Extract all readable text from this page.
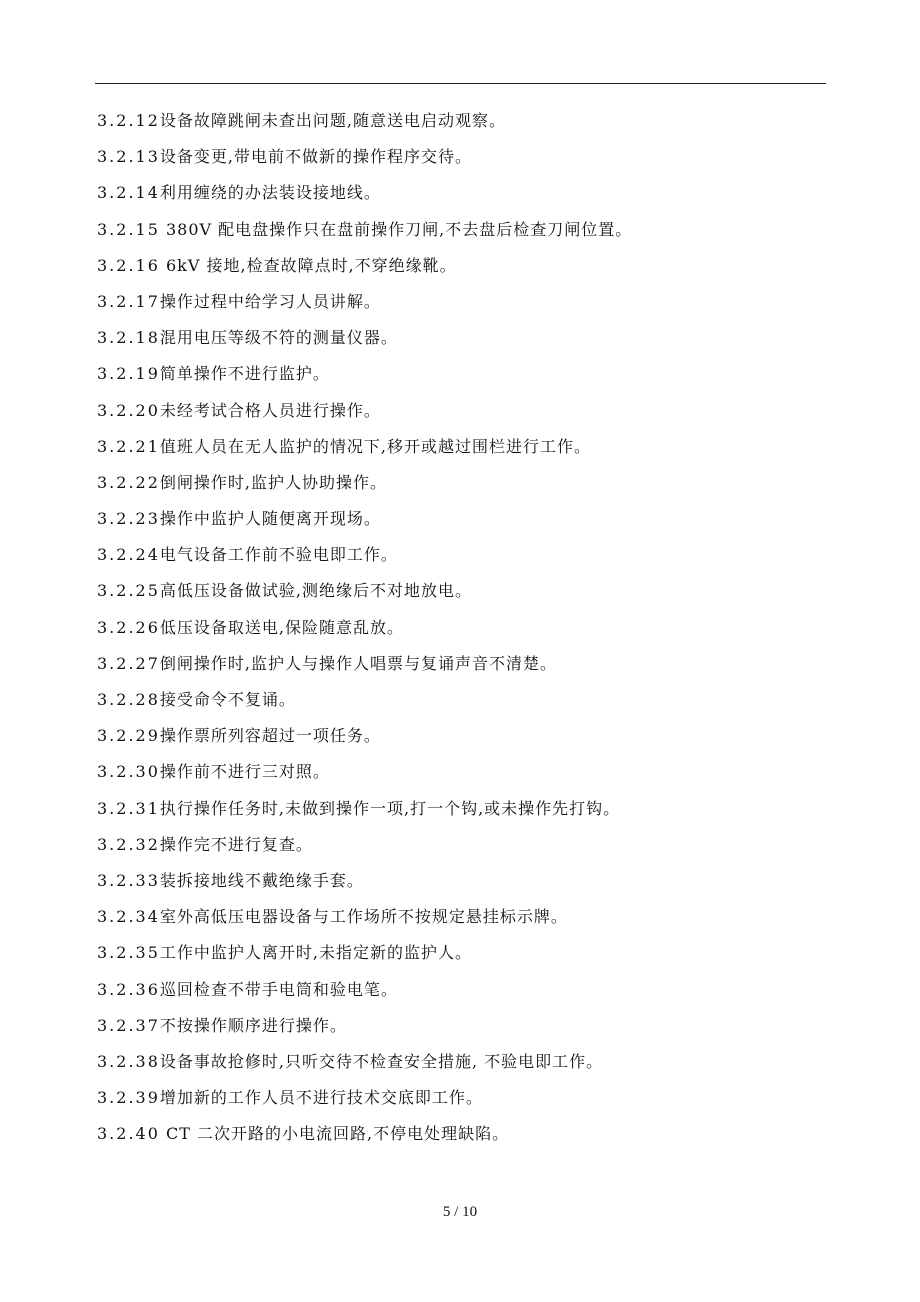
3.2.12设备故障跳闸未查出问题,随意送电启动观察。
3.2.13设备变更,带电前不做新的操作程序交待。
3.2.14利用缠绕的办法装设接地线。
3.2.15 380V 配电盘操作只在盘前操作刀闸,不去盘后检查刀闸位置。
3.2.16 6kV 接地,检查故障点时,不穿绝缘靴。
3.2.17操作过程中给学习人员讲解。
3.2.18混用电压等级不符的测量仪器。
3.2.19简单操作不进行监护。
3.2.20未经考试合格人员进行操作。
3.2.21值班人员在无人监护的情况下,移开或越过围栏进行工作。
3.2.22倒闸操作时,监护人协助操作。
3.2.23操作中监护人随便离开现场。
3.2.24电气设备工作前不验电即工作。
3.2.25高低压设备做试验,测绝缘后不对地放电。
3.2.26低压设备取送电,保险随意乱放。
3.2.27倒闸操作时,监护人与操作人唱票与复诵声音不清楚。
3.2.28接受命令不复诵。
3.2.29操作票所列容超过一项任务。
3.2.30操作前不进行三对照。
3.2.31执行操作任务时,未做到操作一项,打一个钩,或未操作先打钩。
3.2.32操作完不进行复查。
3.2.33装拆接地线不戴绝缘手套。
3.2.34室外高低压电器设备与工作场所不按规定悬挂标示牌。
3.2.35工作中监护人离开时,未指定新的监护人。
3.2.36巡回检查不带手电筒和验电笔。
3.2.37不按操作顺序进行操作。
3.2.38设备事故抢修时,只听交待不检查安全措施, 不验电即工作。
3.2.39增加新的工作人员不进行技术交底即工作。
3.2.40 CT 二次开路的小电流回路,不停电处理缺陷。
5 / 10
